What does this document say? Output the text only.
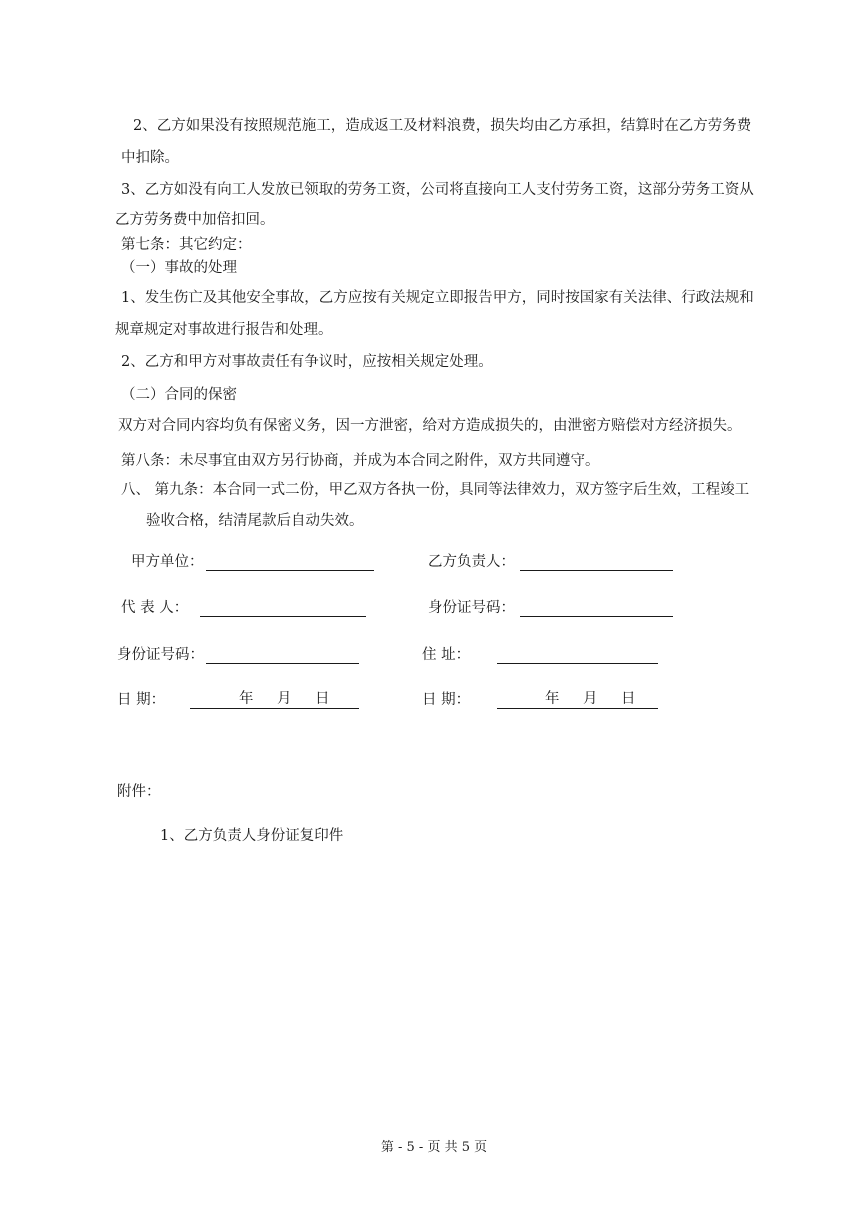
2、乙方如果没有按照规范施工，造成返工及材料浪费，损失均由乙方承担，结算时在乙方劳务费
中扣除。
3、乙方如没有向工人发放已领取的劳务工资，公司将直接向工人支付劳务工资，这部分劳务工资从
乙方劳务费中加倍扣回。
第七条：其它约定：
（一）事故的处理
1、发生伤亡及其他安全事故，乙方应按有关规定立即报告甲方，同时按国家有关法律、行政法规和
规章规定对事故进行报告和处理。
2、乙方和甲方对事故责任有争议时，应按相关规定处理。
（二）合同的保密
双方对合同内容均负有保密义务，因一方泄密，给对方造成损失的，由泄密方赔偿对方经济损失。
第八条：未尽事宜由双方另行协商，并成为本合同之附件，双方共同遵守。
八、 第九条：本合同一式二份，甲乙双方各执一份，具同等法律效力，双方签字后生效，工程竣工
验收合格，结清尾款后自动失效。
甲方单位：	乙方负责人：
代 表 人：	身份证号码：
身份证号码：	住 址：
日 期：	年 月 日	日 期：	年 月 日
附件：
1、乙方负责人身份证复印件
第 - 5 - 页 共 5 页
